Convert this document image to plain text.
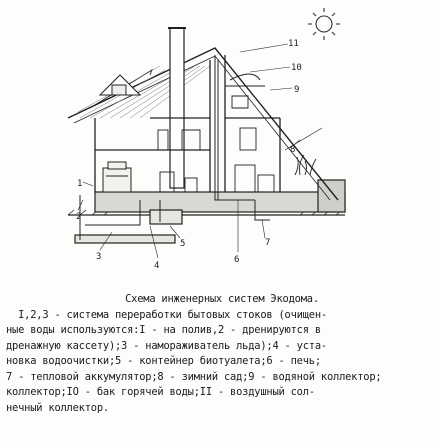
1
2
3
4
5
6
7
8
9
10
11
Схема инженерных систем Экодома.
I,2,3 - система переработки бытовых стоков (очищен-
ные воды используются:I - на полив,2 - дренируются в
дренажную кассету);3 - намораживатель льда);4 - уста-
новка водоочистки;5 - контейнер биотуалета;6 - печь;
7 - тепловой аккумулятор;8 - зимний сад;9 - водяной коллектор;
коллектор;IO - бак горячей воды;II - воздушный сол-
нечный коллектор.
